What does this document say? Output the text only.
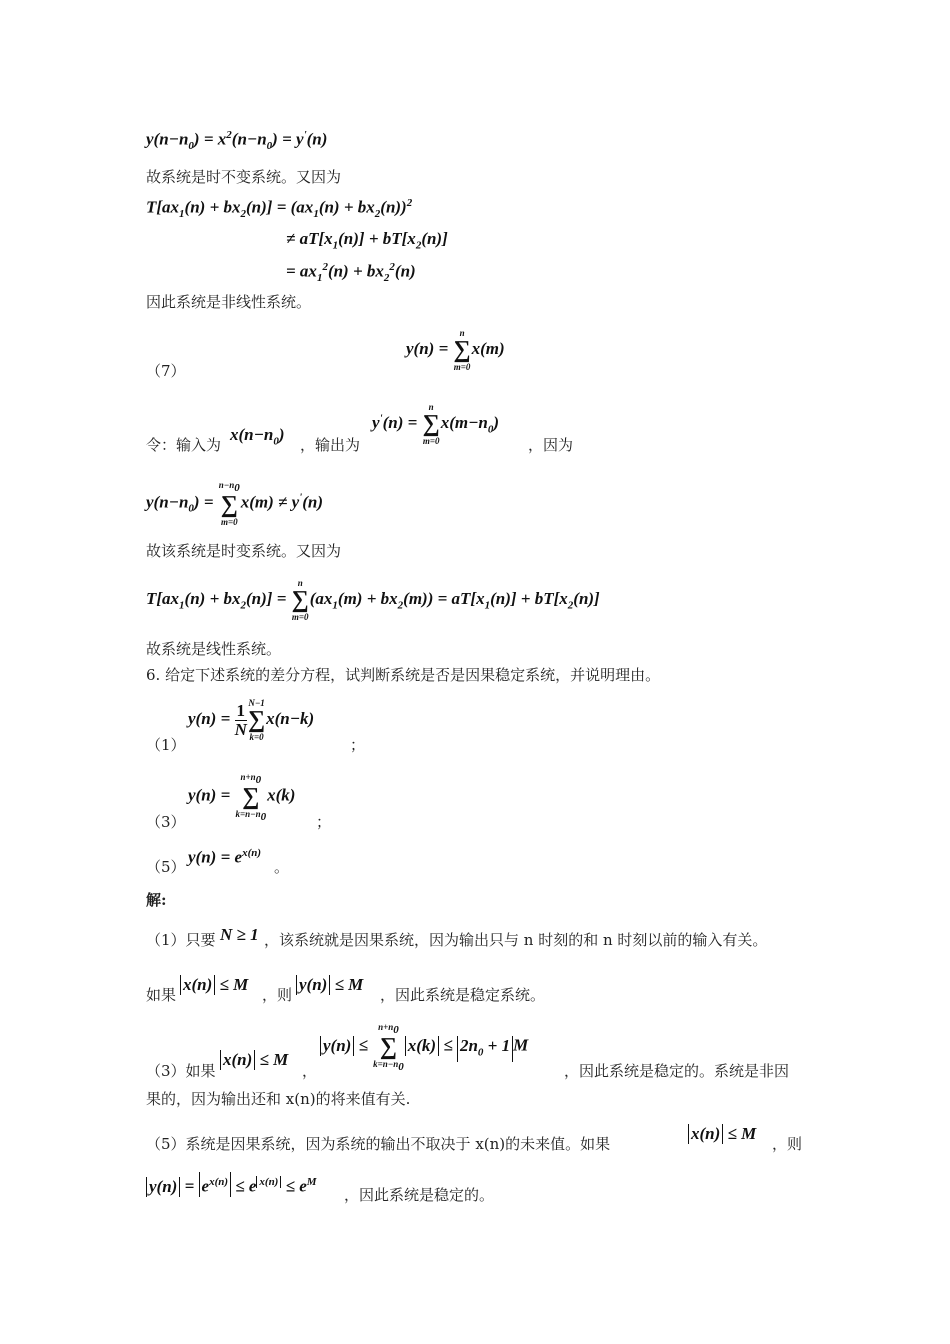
$y(n-n_0) = x^2(n-n_0) = y'(n)$
故系统是时不变系统。又因为
$T[ax_1(n) + bx_2(n)] = (ax_1(n) + bx_2(n))^2$
≠ $aT[x_1(n)] + bT[x_2(n)]$
= $ax_1^2(n) + bx_2^2(n)$
因此系统是非线性系统。
y(n) =
n
∑
m=0
x(m)
（7）
令：输入为
$x(n-n_0)$
，输出为
y'(n) =
n
∑
m=0
$x(m-n_0)$
，因为
$y(n-n_0)$ =
$n-n_0$
∑
m=0
x(m) ≠ y'(n)
故该系统是时变系统。又因为
$T[ax_1(n) + bx_2(n)]$ =
n
∑
m=0
$(ax_1(m) + bx_2(m)) = aT[x_1(n)] + bT[x_2(n)]$
故系统是线性系统。
6. 给定下述系统的差分方程，试判断系统是否是因果稳定系统，并说明理由。
$y(n) = \frac{1}{N} N-1$
∑
k=0
x(n−k)
（1）	；
y(n) =
$n+n_0$
∑
$k=n-n_0$
x(k)
（3）	；
（5）
$y(n) = e^{x(n)}$
。
解:
（1）只要 N ≥ 1 ，该系统就是因果系统，因为输出只与 n 时刻的和 n 时刻以前的输入有关。
如果
x(n) ≤ M
，则
y(n) ≤ M
，因此系统是稳定系统。
（3）如果
x(n) ≤ M
，
y(n) ≤
$n+n_0$
∑
$k=n-n_0$
$x(k) \le 2n_0 + 1$ M
，因此系统是稳定的。系统是非因
果的，因为输出还和 x(n)的将来值有关.
（5）系统是因果系统，因为系统的输出不取决于 x(n)的未来值。如果
x(n) ≤ M
，则
$y(n) = e^{x(n)} \le e$ $^{x(n)} \le e^M$
，因此系统是稳定的。
